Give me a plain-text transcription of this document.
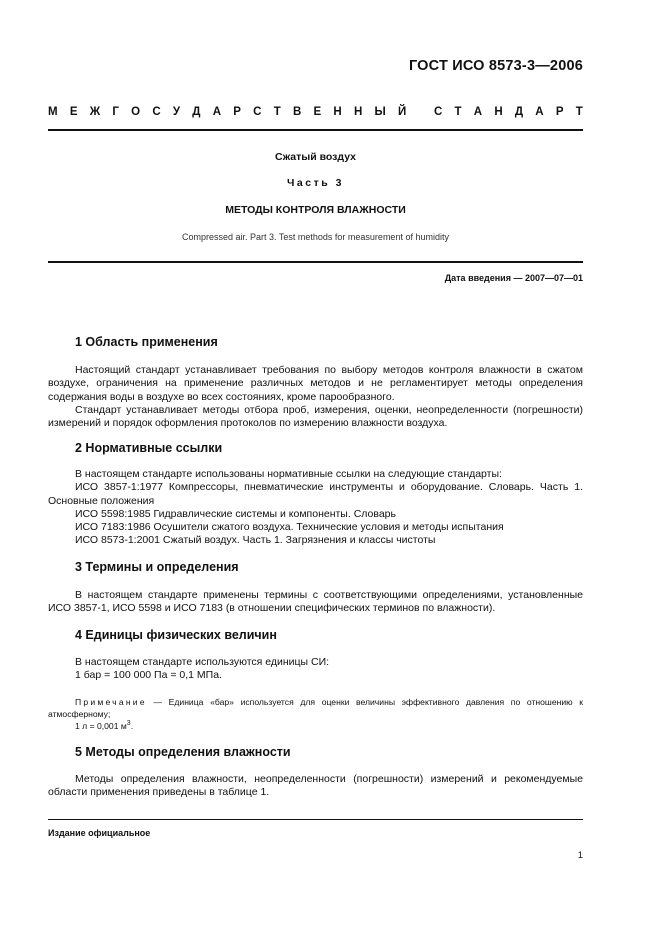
ГОСТ ИСО 8573-3—2006
М Е Ж Г О С У Д А Р С Т В Е Н Н Ы Й
С Т А Н Д А Р Т
Сжатый воздух
Часть 3
МЕТОДЫ КОНТРОЛЯ ВЛАЖНОСТИ
Compressed air. Part 3. Test methods for measurement of humidity
Дата введения — 2007—07—01
1 Область применения

Настоящий стандарт устанавливает требования по выбору методов контроля влажности в сжатом воздухе, ограничения на применение различных методов и не регламентирует методы определения содержания воды в воздухе во всех состояниях, кроме парообразного.

Стандарт устанавливает методы отбора проб, измерения, оценки, неопределенности (погрешности) измерений и порядок оформления протоколов по измерению влажности воздуха.

2 Нормативные ссылки

В настоящем стандарте использованы нормативные ссылки на следующие стандарты:

ИСО 3857-1:1977 Компрессоры, пневматические инструменты и оборудование. Словарь. Часть 1. Основные положения

ИСО 5598:1985 Гидравлические системы и компоненты. Словарь

ИСО 7183:1986 Осушители сжатого воздуха. Технические условия и методы испытания

ИСО 8573-1:2001 Сжатый воздух. Часть 1. Загрязнения и классы чистоты

3 Термины и определения

В настоящем стандарте применены термины с соответствующими определениями, установленные ИСО 3857-1, ИСО 5598 и ИСО 7183 (в отношении специфических терминов по влажности).

4 Единицы физических величин

В настоящем стандарте используются единицы СИ:

1 бар = 100 000 Па = 0,1 МПа.

Примечание — Единица «бар» используется для оценки величины эффективного давления по отношению к атмосферному;

1 л = 0,001 $м^3$.

5 Методы определения влажности

Методы определения влажности, неопределенности (погрешности) измерений и рекомендуемые области применения приведены в таблице 1.

Издание официальное
1
